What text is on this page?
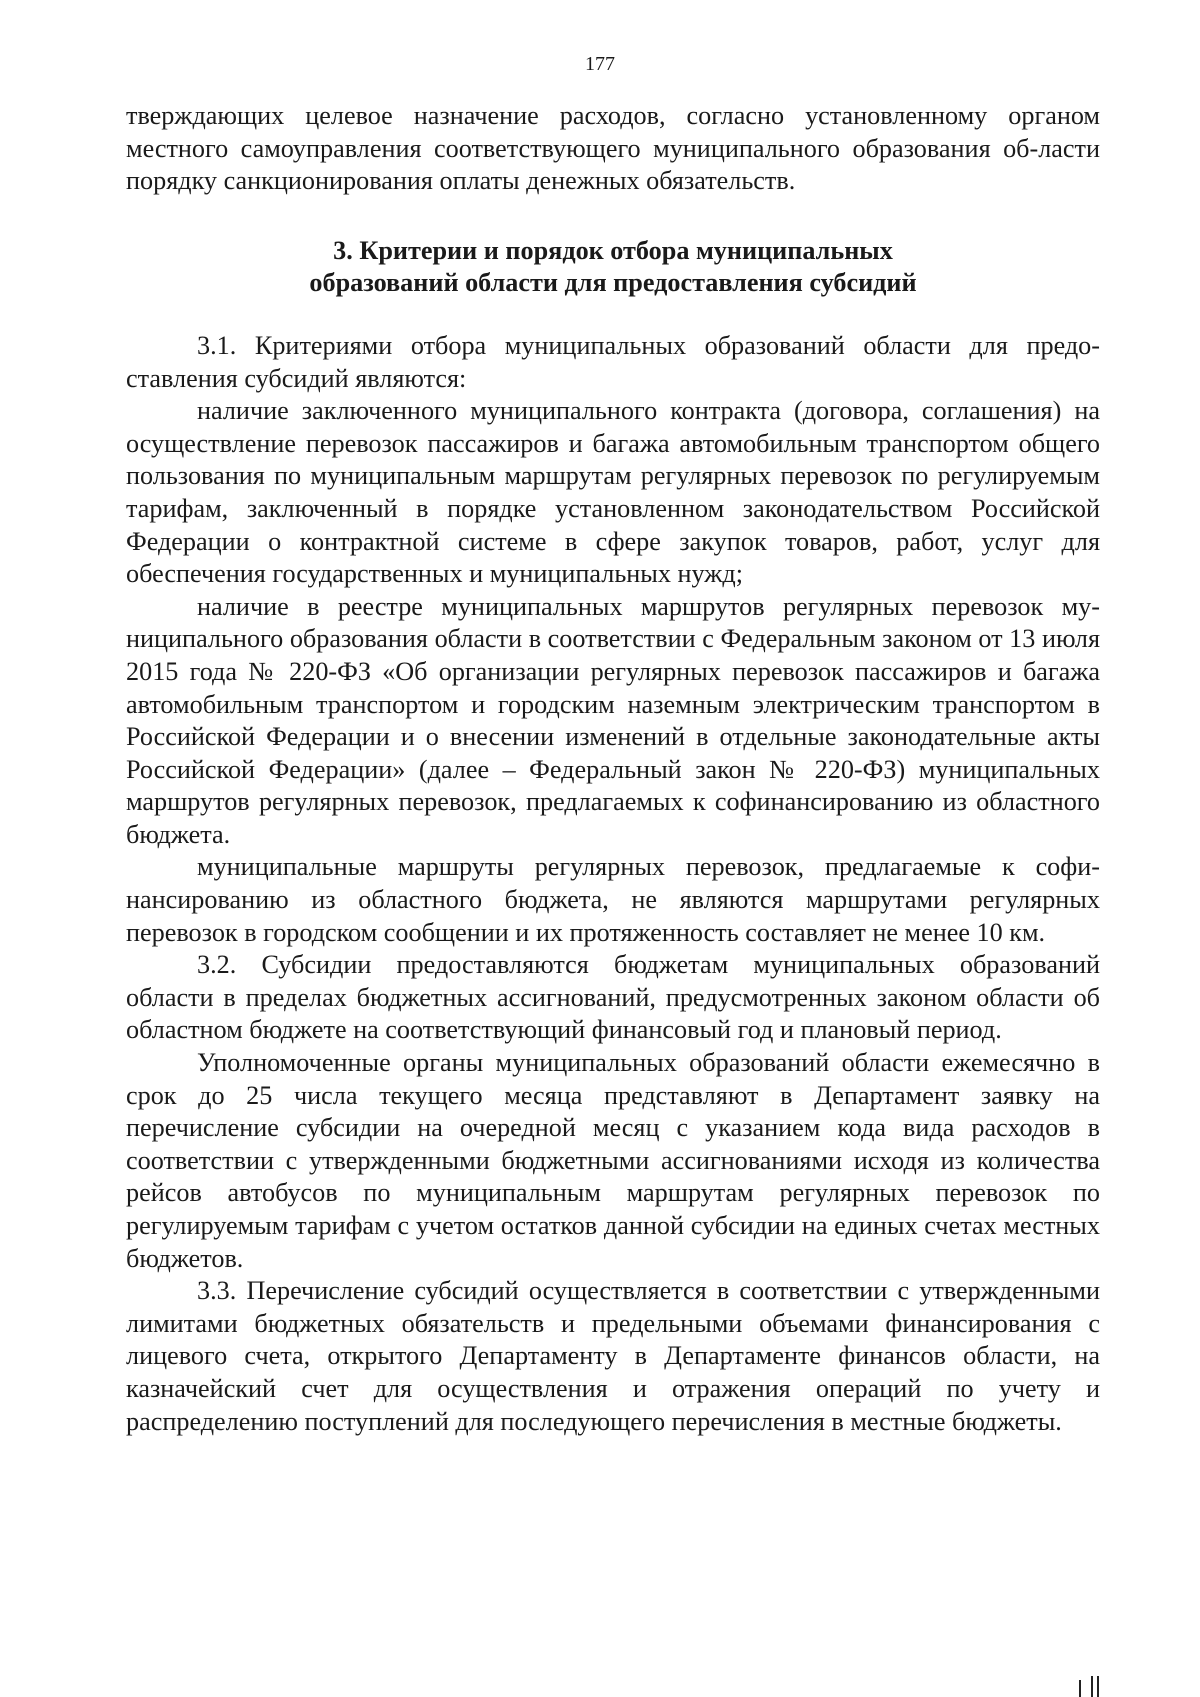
177

тверждающих целевое назначение расходов, согласно установленному органом местного самоуправления соответствующего муниципального образования об-ласти порядку санкционирования оплаты денежных обязательств.

3. Критерии и порядок отбора муниципальных
образований области для предоставления субсидий

3.1. Критериями отбора муниципальных образований области для предоставления субсидий являются:

наличие заключенного муниципального контракта (договора, соглашения) на осуществление перевозок пассажиров и багажа автомобильным транспортом общего пользования по муниципальным маршрутам регулярных перевозок по регулируемым тарифам, заключенный в порядке установленном законодательством Российской Федерации о контрактной системе в сфере закупок товаров, работ, услуг для обеспечения государственных и муниципальных нужд;

наличие в реестре муниципальных маршрутов регулярных перевозок муниципального образования области в соответствии с Федеральным законом от 13 июля 2015 года № 220-ФЗ «Об организации регулярных перевозок пассажиров и багажа автомобильным транспортом и городским наземным электрическим транспортом в Российской Федерации и о внесении изменений в отдельные законодательные акты Российской Федерации» (далее – Федеральный закон № 220-ФЗ) муниципальных маршрутов регулярных перевозок, предлагаемых к софинансированию из областного бюджета.

муниципальные маршруты регулярных перевозок, предлагаемые к софинансированию из областного бюджета, не являются маршрутами регулярных перевозок в городском сообщении и их протяженность составляет не менее 10 км.

3.2. Субсидии предоставляются бюджетам муниципальных образований области в пределах бюджетных ассигнований, предусмотренных законом области об областном бюджете на соответствующий финансовый год и плановый период.

Уполномоченные органы муниципальных образований области ежемесячно в срок до 25 числа текущего месяца представляют в Департамент заявку на перечисление субсидии на очередной месяц с указанием кода вида расходов в соответствии с утвержденными бюджетными ассигнованиями исходя из количества рейсов автобусов по муниципальным маршрутам регулярных перевозок по регулируемым тарифам с учетом остатков данной субсидии на единых счетах местных бюджетов.

3.3. Перечисление субсидий осуществляется в соответствии с утвержденными лимитами бюджетных обязательств и предельными объемами финансирования с лицевого счета, открытого Департаменту в Департаменте финансов области, на казначейский счет для осуществления и отражения операций по учету и распределению поступлений для последующего перечисления в местные бюджеты.
